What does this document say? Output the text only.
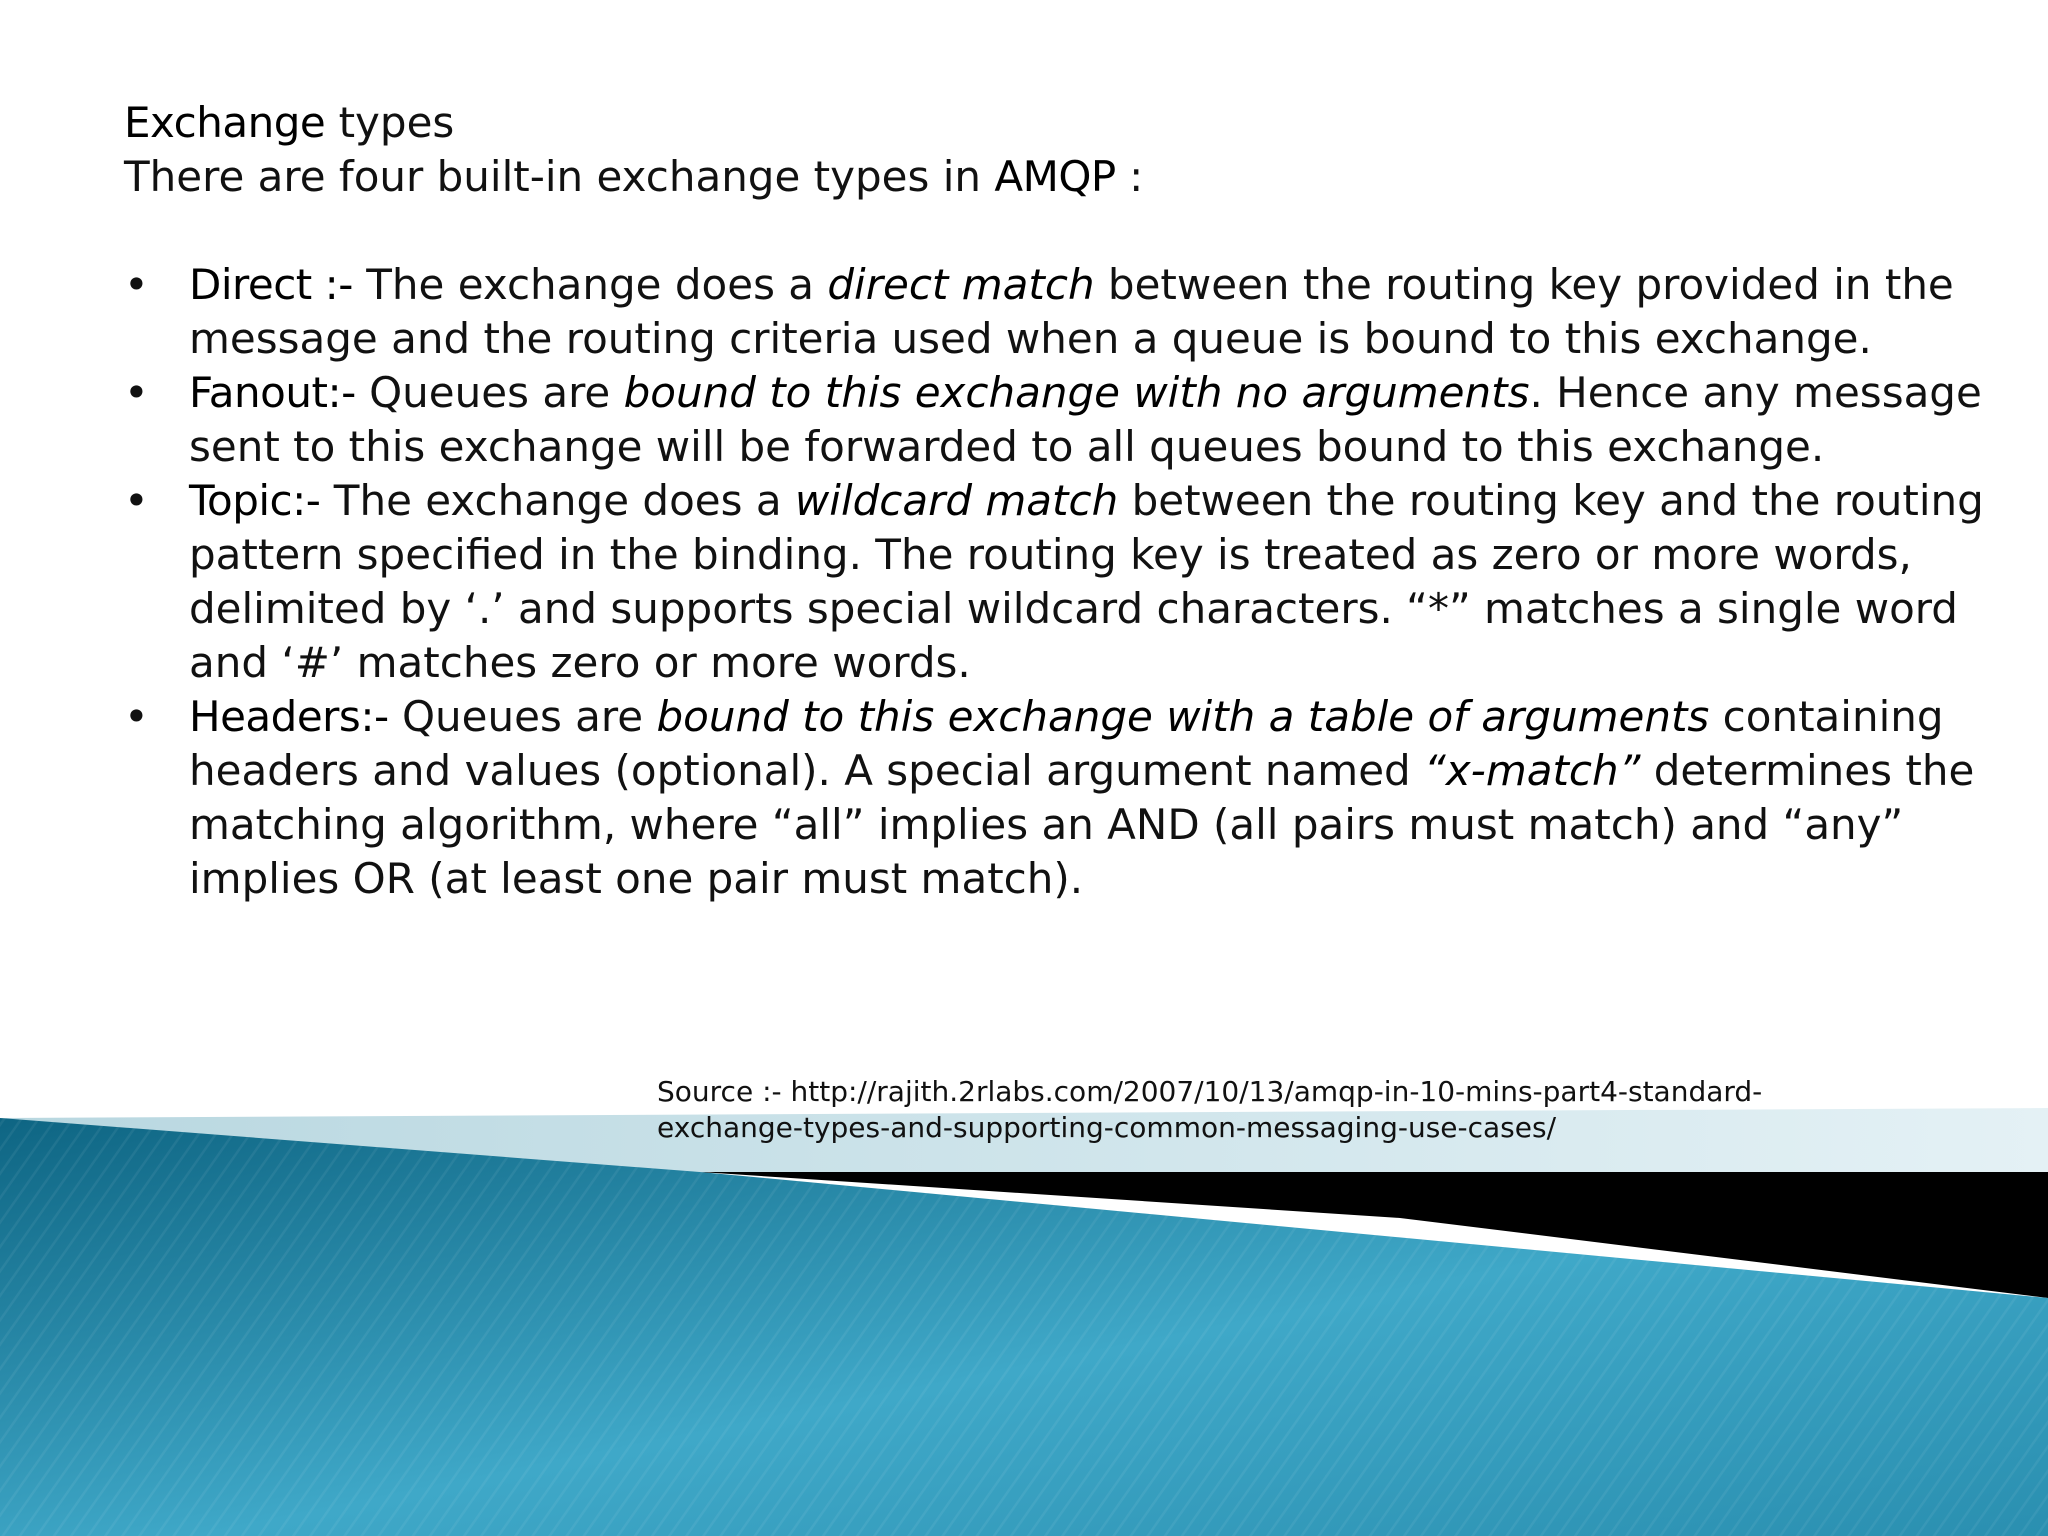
Exchange types
There are four built-in exchange types in AMQP :
• Direct :- The exchange does a direct match between the routing key provided in the message and the routing criteria used when a queue is bound to this exchange.
• Fanout:- Queues are bound to this exchange with no arguments. Hence any message sent to this exchange will be forwarded to all queues bound to this exchange.
• Topic:- The exchange does a wildcard match between the routing key and the routing pattern specified in the binding. The routing key is treated as zero or more words, delimited by ‘.’ and supports special wildcard characters. “*” matches a single word and ‘#’ matches zero or more words.
• Headers:- Queues are bound to this exchange with a table of arguments containing headers and values (optional). A special argument named “x-match” determines the matching algorithm, where “all” implies an AND (all pairs must match) and “any” implies OR (at least one pair must match).
Source :- http://rajith.2rlabs.com/2007/10/13/amqp-in-10-mins-part4-standard-
exchange-types-and-supporting-common-messaging-use-cases/
